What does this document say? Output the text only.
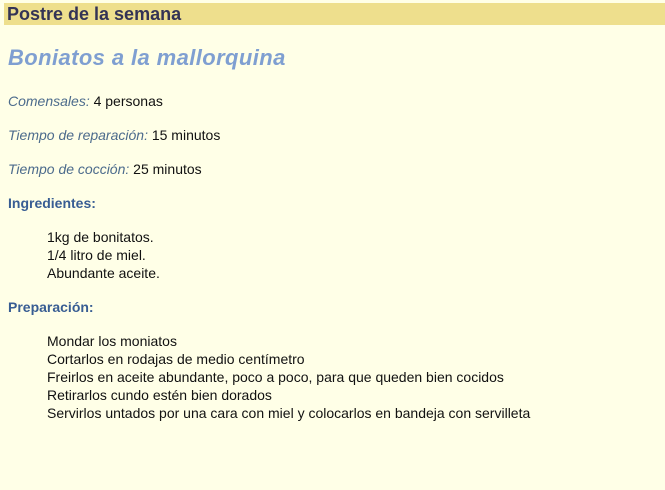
Postre de la semana
Boniatos a la mallorquina
Comensales: 4 personas
Tiempo de reparación: 15 minutos
Tiempo de cocción: 25 minutos
Ingredientes:
1kg de bonitatos.
1/4 litro de miel.
Abundante aceite.
Preparación:
Mondar los moniatos
Cortarlos en rodajas de medio centímetro
Freirlos en aceite abundante, poco a poco, para que queden bien cocidos
Retirarlos cundo estén bien dorados
Servirlos untados por una cara con miel y colocarlos en bandeja con servilleta
